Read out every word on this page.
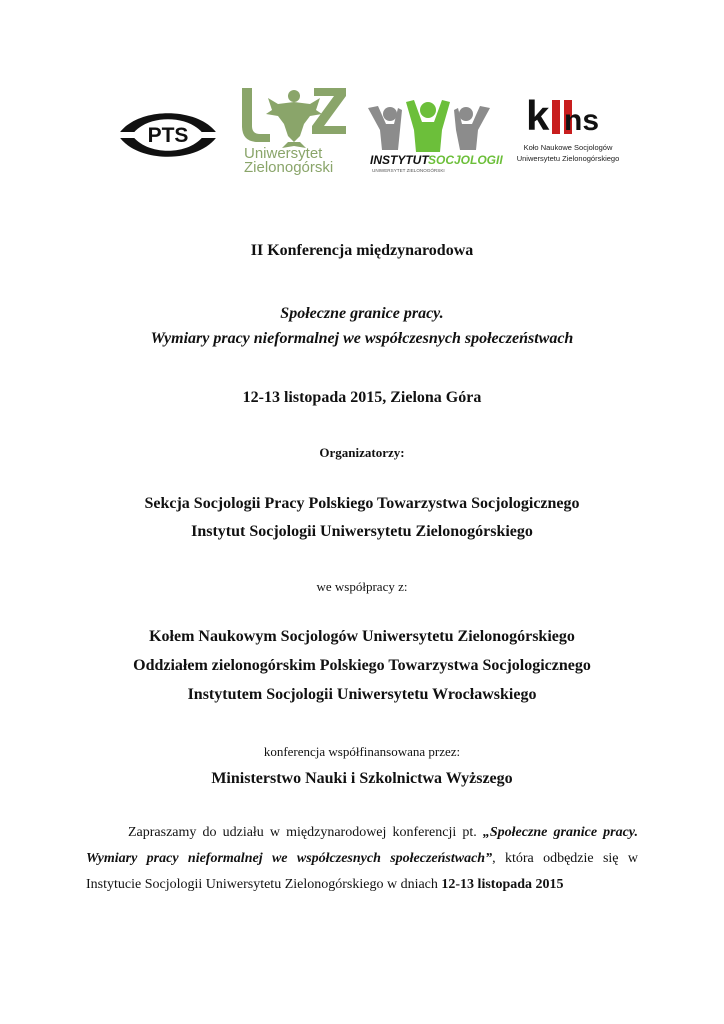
PTS
Uniwersytet
Zielonogórski	INSTYTUT SOCJOLOGII
UNIWERSYTET ZIELONOGÓRSKI
k ns
Koło Naukowe Socjologów
Uniwersytetu Zielonogórskiego
II Konferencja międzynarodowa
Społeczne granice pracy.
Wymiary pracy nieformalnej we współczesnych społeczeństwach
12-13 listopada 2015, Zielona Góra
Organizatorzy:
Sekcja Socjologii Pracy Polskiego Towarzystwa Socjologicznego
Instytut Socjologii Uniwersytetu Zielonogórskiego
we współpracy z:
Kołem Naukowym Socjologów Uniwersytetu Zielonogórskiego
Oddziałem zielonogórskim Polskiego Towarzystwa Socjologicznego
Instytutem Socjologii Uniwersytetu Wrocławskiego
konferencja współfinansowana przez:
Ministerstwo Nauki i Szkolnictwa Wyższego

Zapraszamy do udziału w międzynarodowej konferencji pt. „Społeczne granice pracy.

Wymiary pracy nieformalnej we współczesnych społeczeństwach”, która odbędzie się w

Instytucie Socjologii Uniwersytetu Zielonogórskiego w dniach 12-13 listopada 2015
